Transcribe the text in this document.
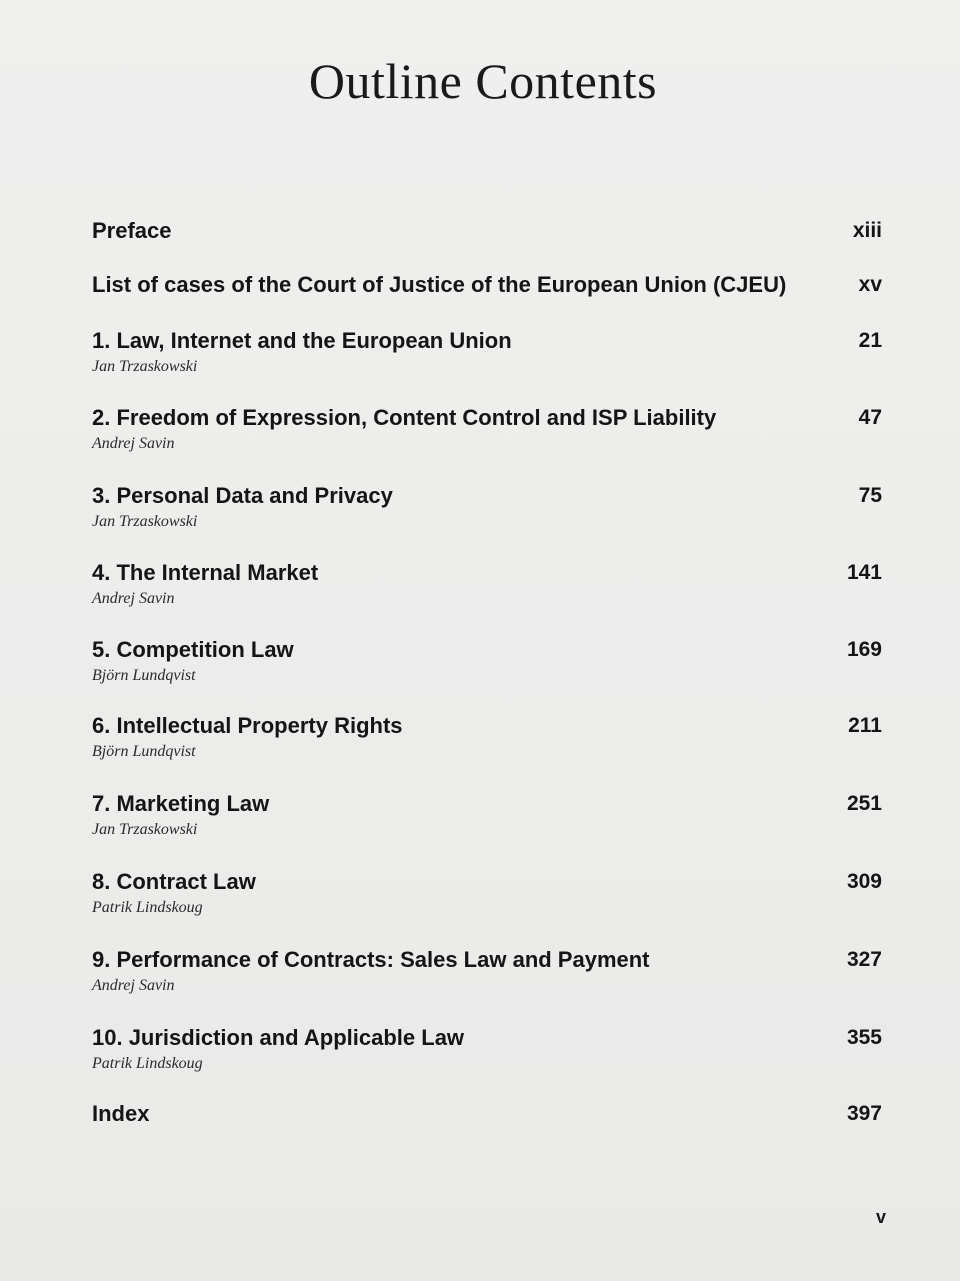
Outline Contents
Preface	xiii
List of cases of the Court of Justice of the European Union (CJEU)	xv
1. Law, Internet and the European Union	21
Jan Trzaskowski
2. Freedom of Expression, Content Control and ISP Liability	47
Andrej Savin
3. Personal Data and Privacy	75
Jan Trzaskowski
4. The Internal Market	141
Andrej Savin
5. Competition Law	169
Björn Lundqvist
6. Intellectual Property Rights	211
Björn Lundqvist
7. Marketing Law	251
Jan Trzaskowski
8. Contract Law	309
Patrik Lindskoug
9. Performance of Contracts: Sales Law and Payment	327
Andrej Savin
10. Jurisdiction and Applicable Law	355
Patrik Lindskoug
Index	397
v
